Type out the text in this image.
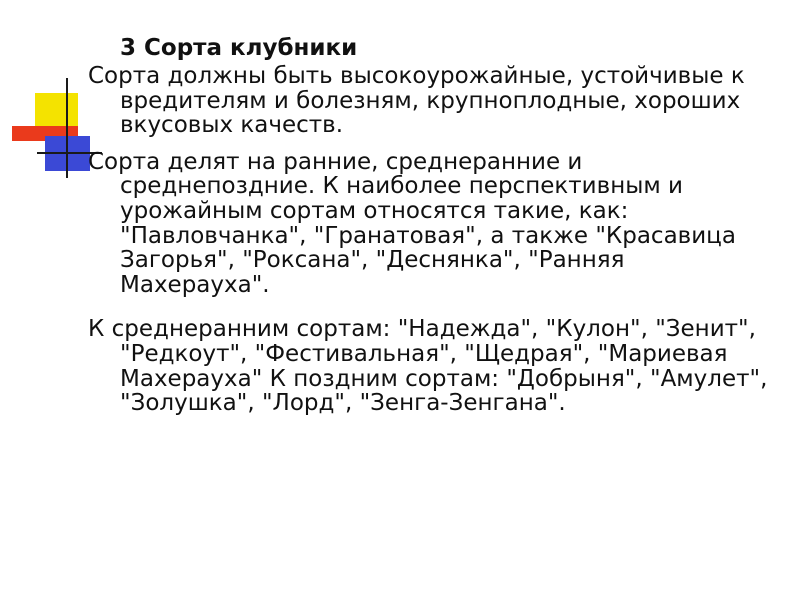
3 Сорта клубники

Сорта должны быть высокоурожайные, устойчивые к вредителям и болезням, крупноплодные, хороших вкусовых качеств.

Сорта делят на ранние, среднеранние и среднепоздние. К наиболее перспективным и урожайным сортам относятся такие, как: "Павловчанка", "Гранатовая", а также "Красавица Загорья", "Роксана", "Деснянка", "Ранняя Махерауха".

К среднеранним сортам: "Надежда", "Кулон", "Зенит", "Редкоут", "Фестивальная", "Щедрая", "Мариевая Махерауха" К поздним сортам: "Добрыня", "Амулет", "Золушка", "Лорд", "Зенга-Зенгана".
